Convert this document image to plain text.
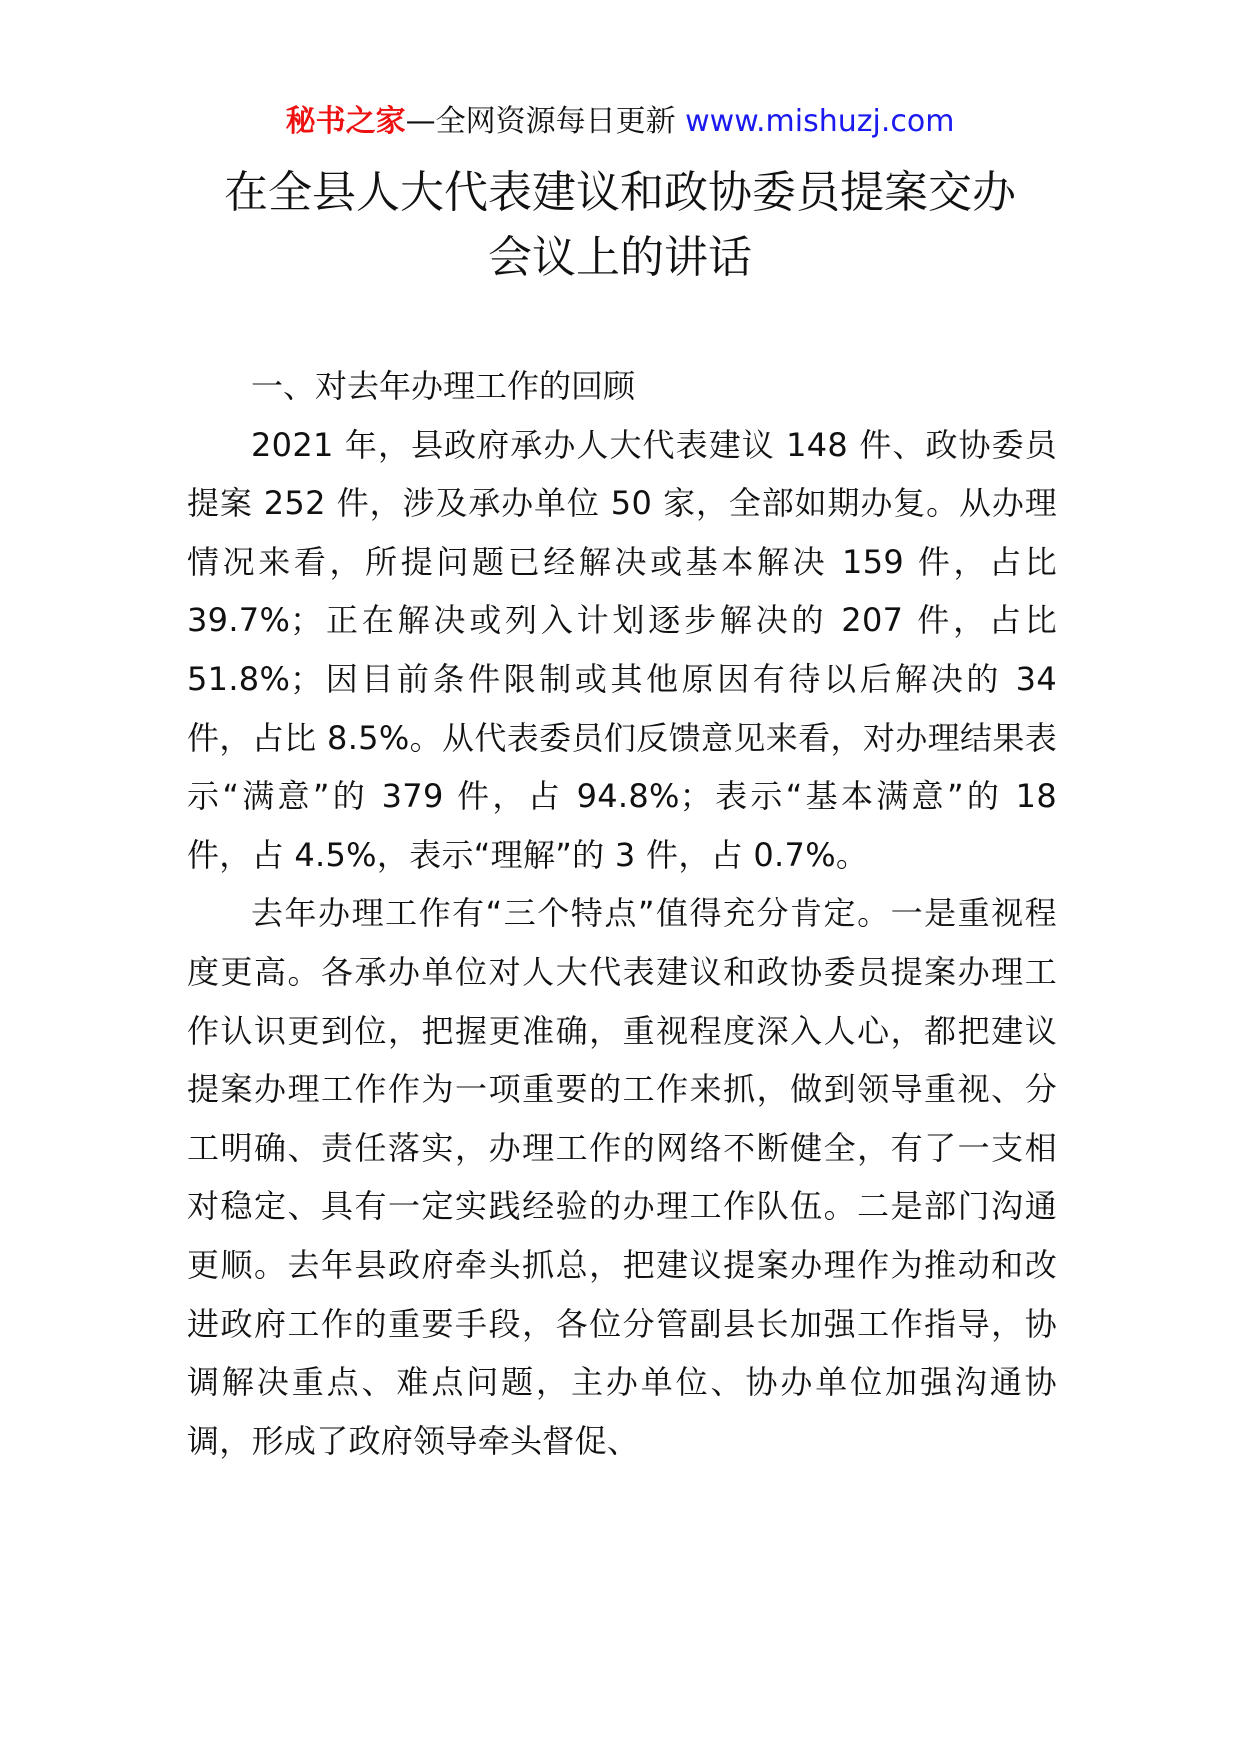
秘书之家—全网资源每日更新 www.mishuzj.com
在全县人大代表建议和政协委员提案交办
会议上的讲话
一、对去年办理工作的回顾

2021 年，县政府承办人大代表建议 148 件、政协委员提案 252 件，涉及承办单位 50 家，全部如期办复。从办理情况来看，所提问题已经解决或基本解决 159 件，占比 39.7%；正在解决或列入计划逐步解决的 207 件，占比 51.8%；因目前条件限制或其他原因有待以后解决的 34 件，占比 8.5%。从代表委员们反馈意见来看，对办理结果表示“满意”的 379 件，占 94.8%；表示“基本满意”的 18 件，占 4.5%，表示“理解”的 3 件，占 0.7%。

去年办理工作有“三个特点”值得充分肯定。一是重视程度更高。各承办单位对人大代表建议和政协委员提案办理工作认识更到位，把握更准确，重视程度深入人心，都把建议提案办理工作作为一项重要的工作来抓，做到领导重视、分工明确、责任落实，办理工作的网络不断健全，有了一支相对稳定、具有一定实践经验的办理工作队伍。二是部门沟通更顺。去年县政府牵头抓总，把建议提案办理作为推动和改进政府工作的重要手段，各位分管副县长加强工作指导，协调解决重点、难点问题，主办单位、协办单位加强沟通协调，形成了政府领导牵头督促、
